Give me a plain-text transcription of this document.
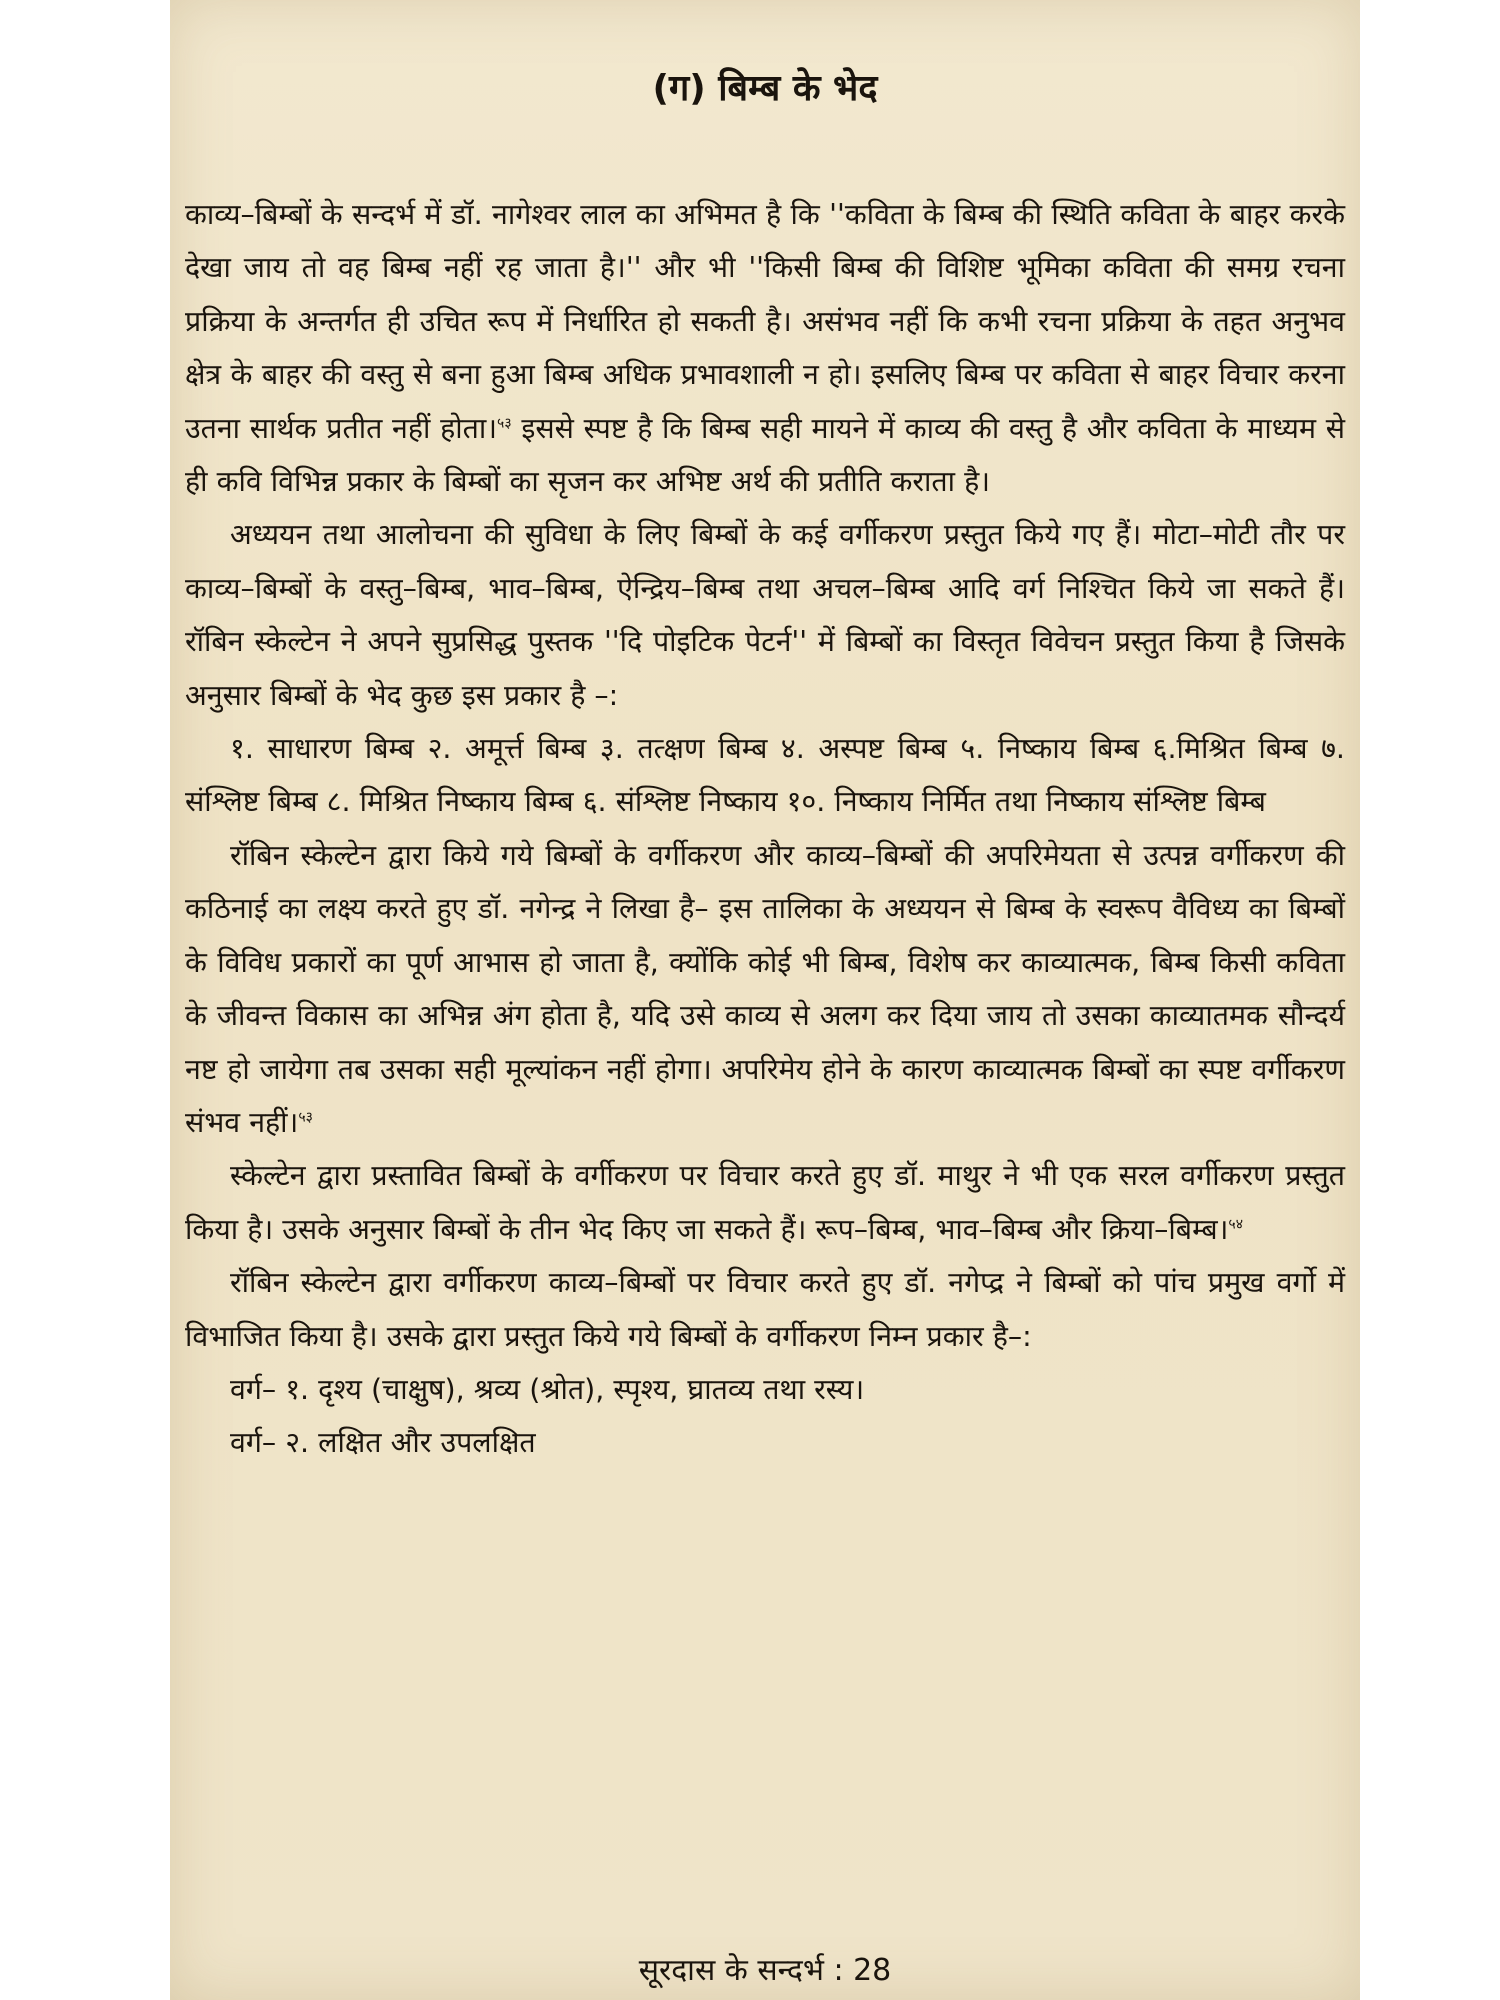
(ग) बिम्ब के भेद

काव्य–बिम्बों के सन्दर्भ में डॉ. नागेश्वर लाल का अभिमत है कि ''कविता के बिम्ब की स्थिति कविता के बाहर करके देखा जाय तो वह बिम्ब नहीं रह जाता है।'' और भी ''किसी बिम्ब की विशिष्ट भूमिका कविता की समग्र रचना प्रक्रिया के अन्तर्गत ही उचित रूप में निर्धारित हो सकती है। असंभव नहीं कि कभी रचना प्रक्रिया के तहत अनुभव क्षेत्र के बाहर की वस्तु से बना हुआ बिम्ब अधिक प्रभावशाली न हो। इसलिए बिम्ब पर कविता से बाहर विचार करना उतना सार्थक प्रतीत नहीं होता।$^{५३}$ इससे स्पष्ट है कि बिम्ब सही मायने में काव्य की वस्तु है और कविता के माध्यम से ही कवि विभिन्न प्रकार के बिम्बों का सृजन कर अभिष्ट अर्थ की प्रतीति कराता है।

अध्ययन तथा आलोचना की सुविधा के लिए बिम्बों के कई वर्गीकरण प्रस्तुत किये गए हैं। मोटा–मोटी तौर पर काव्य–बिम्बों के वस्तु–बिम्ब, भाव–बिम्ब, ऐन्द्रिय–बिम्ब तथा अचल–बिम्ब आदि वर्ग निश्चित किये जा सकते हैं। रॉबिन स्केल्टेन ने अपने सुप्रसिद्ध पुस्तक ''दि पोइटिक पेटर्न'' में बिम्बों का विस्तृत विवेचन प्रस्तुत किया है जिसके अनुसार बिम्बों के भेद कुछ इस प्रकार है –:

१. साधारण बिम्ब २. अमूर्त्त बिम्ब ३. तत्क्षण बिम्ब ४. अस्पष्ट बिम्ब ५. निष्काय बिम्ब ६.मिश्रित बिम्ब ७. संश्लिष्ट बिम्ब ८. मिश्रित निष्काय बिम्ब ६. संश्लिष्ट निष्काय १०. निष्काय निर्मित तथा निष्काय संश्लिष्ट बिम्ब

रॉबिन स्केल्टेन द्वारा किये गये बिम्बों के वर्गीकरण और काव्य–बिम्बों की अपरिमेयता से उत्पन्न वर्गीकरण की कठिनाई का लक्ष्य करते हुए डॉ. नगेन्द्र ने लिखा है– इस तालिका के अध्ययन से बिम्ब के स्वरूप वैविध्य का बिम्बों के विविध प्रकारों का पूर्ण आभास हो जाता है, क्योंकि कोई भी बिम्ब, विशेष कर काव्यात्मक, बिम्ब किसी कविता के जीवन्त विकास का अभिन्न अंग होता है, यदि उसे काव्य से अलग कर दिया जाय तो उसका काव्यातमक सौन्दर्य नष्ट हो जायेगा तब उसका सही मूल्यांकन नहीं होगा। अपरिमेय होने के कारण काव्यात्मक बिम्बों का स्पष्ट वर्गीकरण संभव नहीं।$^{५३}$

स्केल्टेन द्वारा प्रस्तावित बिम्बों के वर्गीकरण पर विचार करते हुए डॉ. माथुर ने भी एक सरल वर्गीकरण प्रस्तुत किया है। उसके अनुसार बिम्बों के तीन भेद किए जा सकते हैं। रूप–बिम्ब, भाव–बिम्ब और क्रिया–बिम्ब।$^{५४}$

रॉबिन स्केल्टेन द्वारा वर्गीकरण काव्य–बिम्बों पर विचार करते हुए डॉ. नगेप्द्र ने बिम्बों को पांच प्रमुख वर्गो में विभाजित किया है। उसके द्वारा प्रस्तुत किये गये बिम्बों के वर्गीकरण निम्न प्रकार है–:

वर्ग– १. दृश्य (चाक्षुष), श्रव्य (श्रोत), स्पृश्य, घ्रातव्य तथा रस्य।

वर्ग– २. लक्षित और उपलक्षित

सूरदास के सन्दर्भ : 28
